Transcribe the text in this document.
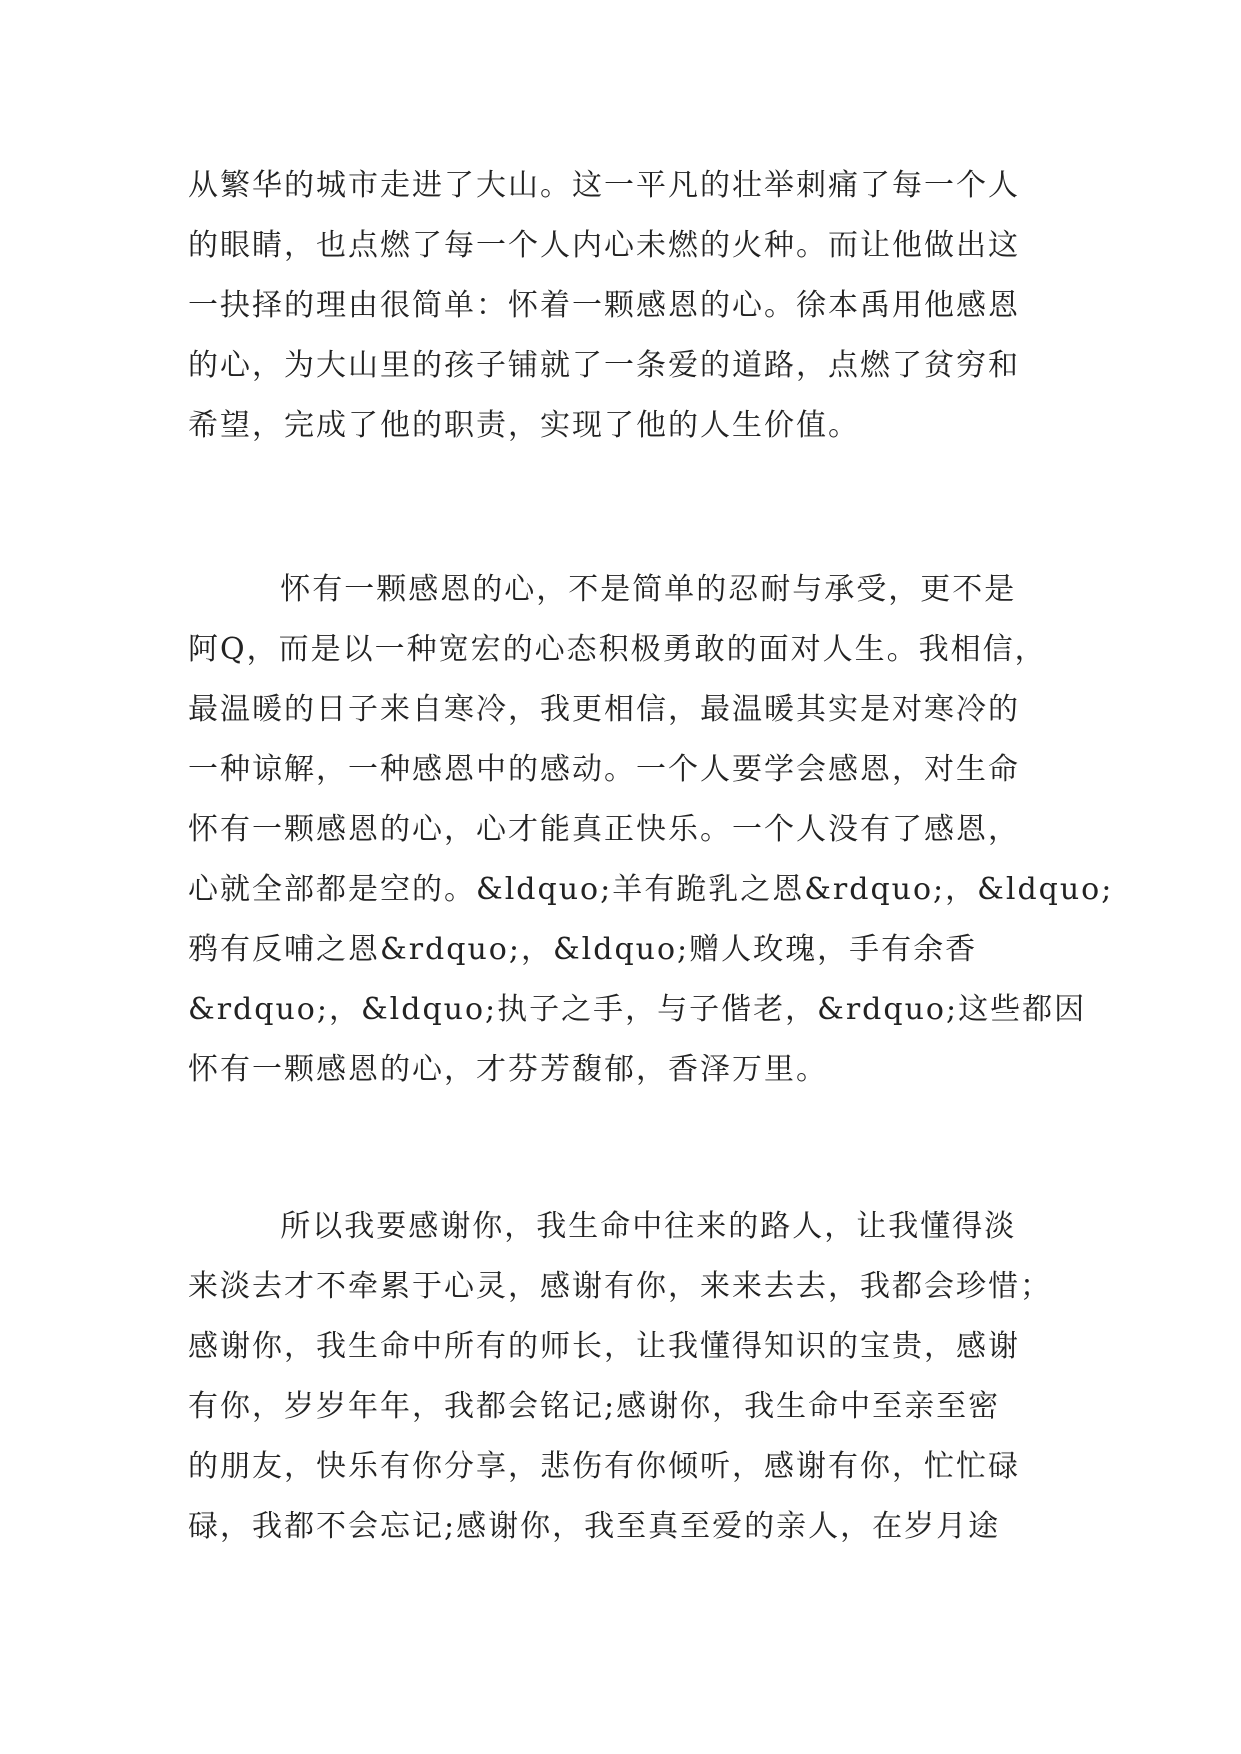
从繁华的城市走进了大山。这一平凡的壮举刺痛了每一个人
的眼睛，也点燃了每一个人内心未燃的火种。而让他做出这
一抉择的理由很简单：怀着一颗感恩的心。徐本禹用他感恩
的心，为大山里的孩子铺就了一条爱的道路，点燃了贫穷和
希望，完成了他的职责，实现了他的人生价值。
怀有一颗感恩的心，不是简单的忍耐与承受，更不是
阿Q，而是以一种宽宏的心态积极勇敢的面对人生。我相信，
最温暖的日子来自寒冷，我更相信，最温暖其实是对寒冷的
一种谅解，一种感恩中的感动。一个人要学会感恩，对生命
怀有一颗感恩的心，心才能真正快乐。一个人没有了感恩，
心就全部都是空的。&ldquo;羊有跪乳之恩&rdquo;，&ldquo;
鸦有反哺之恩&rdquo;，&ldquo;赠人玫瑰，手有余香
&rdquo;，&ldquo;执子之手，与子偕老，&rdquo;这些都因
怀有一颗感恩的心，才芬芳馥郁，香泽万里。
所以我要感谢你，我生命中往来的路人，让我懂得淡
来淡去才不牵累于心灵，感谢有你，来来去去，我都会珍惜；
感谢你，我生命中所有的师长，让我懂得知识的宝贵，感谢
有你，岁岁年年，我都会铭记;感谢你，我生命中至亲至密
的朋友，快乐有你分享，悲伤有你倾听，感谢有你，忙忙碌
碌，我都不会忘记;感谢你，我至真至爱的亲人，在岁月途
